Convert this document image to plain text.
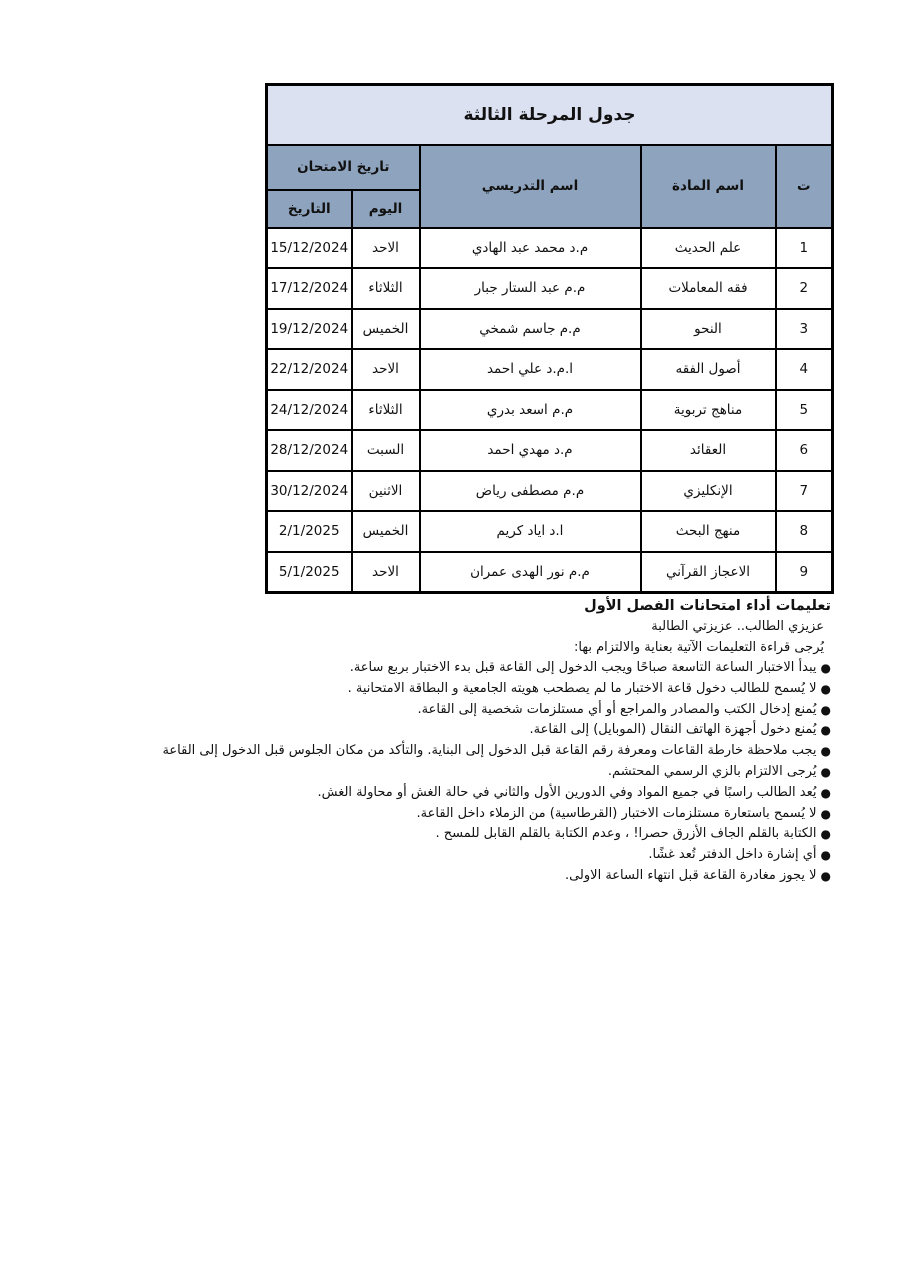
جدول المرحلة الثالثة				
ت	اسم المادة	اسم التدريسي	تاريخ الامتحان	
			اليوم	التاريخ
1	علم الحديث	م.د محمد عبد الهادي	الاحد	15/12/2024
2	فقه المعاملات	م.م عبد الستار جبار	الثلاثاء	17/12/2024
3	النحو	م.م جاسم شمخي	الخميس	19/12/2024
4	أصول الفقه	ا.م.د علي احمد	الاحد	22/12/2024
5	مناهج تربوية	م.م اسعد بدري	الثلاثاء	24/12/2024
6	العقائد	م.د مهدي احمد	السبت	28/12/2024
7	الإنكليزي	م.م مصطفى رياض	الاثنين	30/12/2024
8	منهج البحث	ا.د اياد كريم	الخميس	2/1/2025
9	الاعجاز القرآني	م.م نور الهدى عمران	الاحد	5/1/2025
تعليمات أداء امتحانات الفصل الأول
عزيزي الطالب.. عزيزتي الطالبة
يُرجى قراءة التعليمات الآتية بعناية والالتزام بها:
●يبدأ الاختبار الساعة التاسعة صباحًا ويجب الدخول إلى القاعة قبل بدء الاختبار بربع ساعة.
●لا يُسمح للطالب دخول قاعة الاختبار ما لم يصطحب هويته الجامعية و البطاقة الامتحانية .
●يُمنع إدخال الكتب والمصادر والمراجع أو أي مستلزمات شخصية إلى القاعة.
●يُمنع دخول أجهزة الهاتف النقال (الموبايل) إلى القاعة.
●يجب ملاحظة خارطة القاعات ومعرفة رقم القاعة قبل الدخول إلى البناية. والتأكد من مكان الجلوس قبل الدخول إلى القاعة
●يُرجى الالتزام بالزي الرسمي المحتشم.
●يُعد الطالب راسبًا في جميع المواد وفي الدورين الأول والثاني في حالة الغش أو محاولة الغش.
●لا يُسمح باستعارة مستلزمات الاختبار (القرطاسية) من الزملاء داخل القاعة.
●الكتابة بالقلم الجاف الأزرق حصرا! ، وعدم الكتابة بالقلم القابل للمسح .
●أي إشارة داخل الدفتر تُعد غشًا.
●لا يجوز مغادرة القاعة قبل انتهاء الساعة الاولى.
